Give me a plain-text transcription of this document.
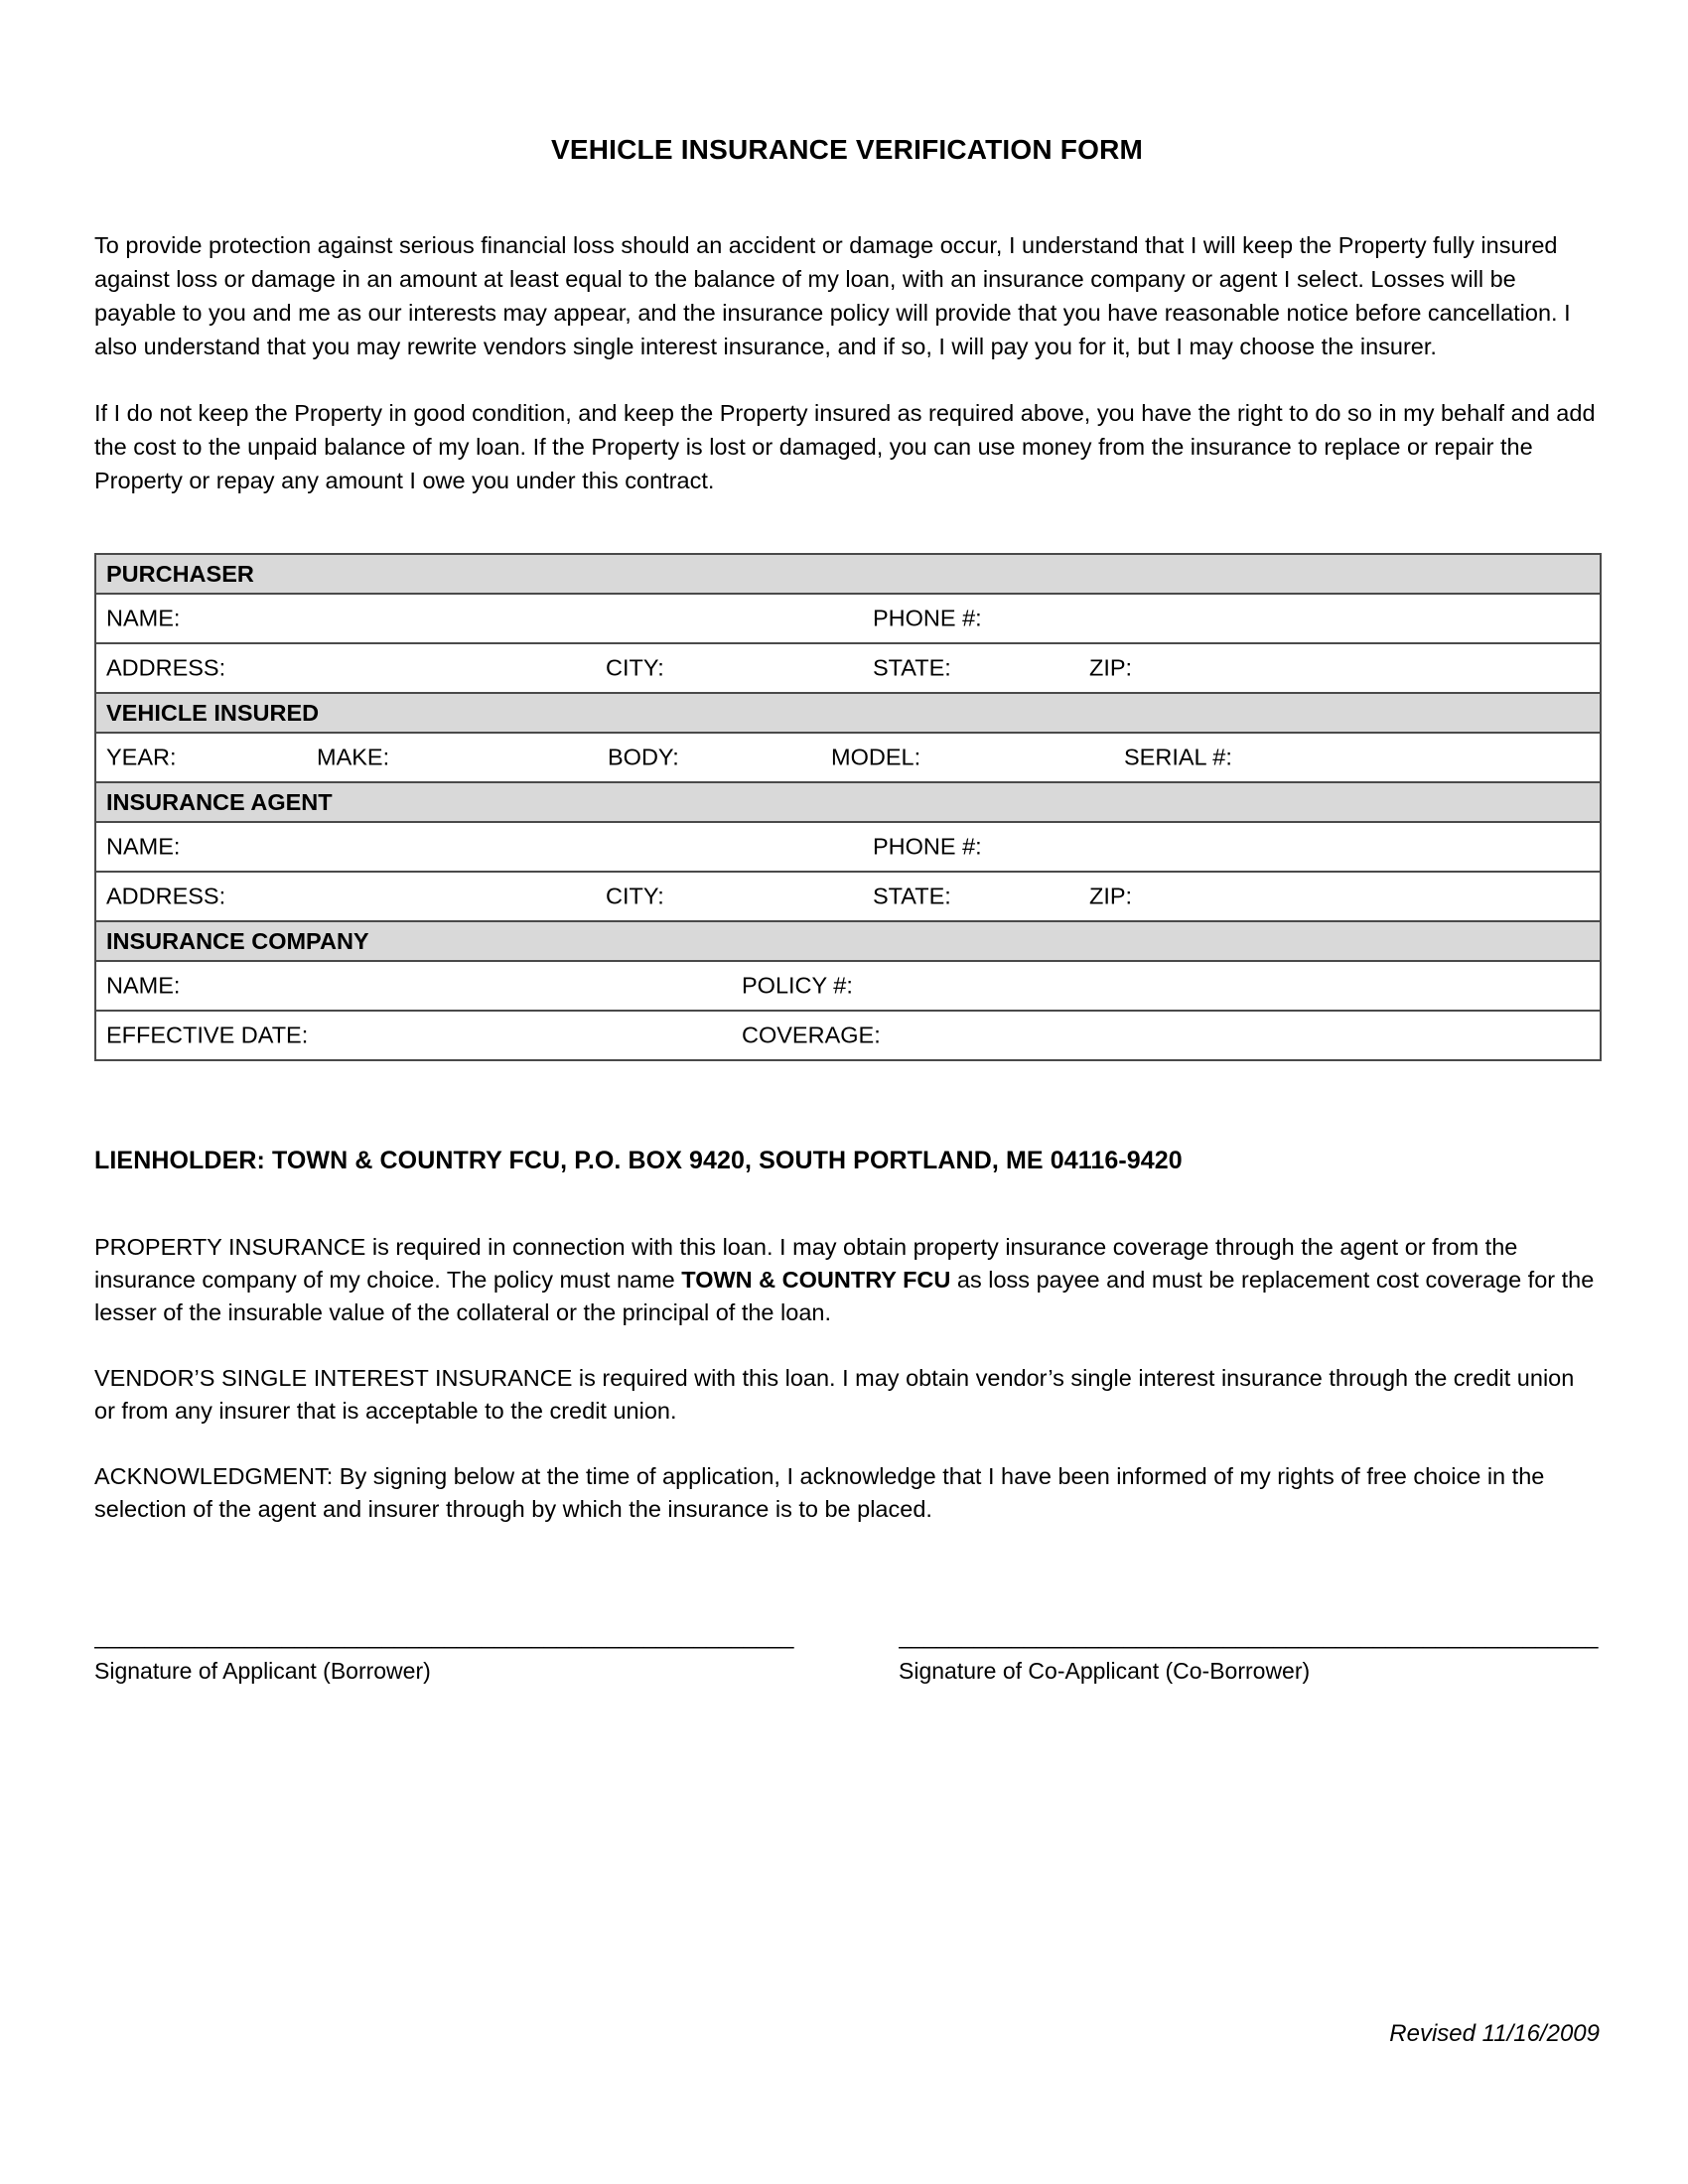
VEHICLE INSURANCE VERIFICATION FORM

To provide protection against serious financial loss should an accident or damage occur, I understand that I will keep the Property fully insured against loss or damage in an amount at least equal to the balance of my loan, with an insurance company or agent I select. Losses will be payable to you and me as our interests may appear, and the insurance policy will provide that you have reasonable notice before cancellation. I also understand that you may rewrite vendors single interest insurance, and if so, I will pay you for it, but I may choose the insurer.

If I do not keep the Property in good condition, and keep the Property insured as required above, you have the right to do so in my behalf and add the cost to the unpaid balance of my loan. If the Property is lost or damaged, you can use money from the insurance to replace or repair the Property or repay any amount I owe you under this contract.

PURCHASER

NAME:	PHONE #:

ADDRESS:	CITY:	STATE:	ZIP:

VEHICLE INSURED

YEAR:	MAKE:	BODY:	MODEL:	SERIAL #:

INSURANCE AGENT

NAME:	PHONE #:

ADDRESS:	CITY:	STATE:	ZIP:

INSURANCE COMPANY

NAME:	POLICY #:

EFFECTIVE DATE:	COVERAGE:
LIENHOLDER: TOWN & COUNTRY FCU, P.O. BOX 9420, SOUTH PORTLAND, ME 04116-9420

PROPERTY INSURANCE is required in connection with this loan. I may obtain property insurance coverage through the agent or from the insurance company of my choice. The policy must name TOWN & COUNTRY FCU as loss payee and must be replacement cost coverage for the lesser of the insurable value of the collateral or the principal of the loan.

VENDOR’S SINGLE INTEREST INSURANCE is required with this loan. I may obtain vendor’s single interest insurance through the credit union or from any insurer that is acceptable to the credit union.

ACKNOWLEDGMENT: By signing below at the time of application, I acknowledge that I have been informed of my rights of free choice in the selection of the agent and insurer through by which the insurance is to be placed.

________________________________________________________
Signature of Applicant (Borrower)
________________________________________________________
Signature of Co-Applicant (Co-Borrower)
Revised 11/16/2009
